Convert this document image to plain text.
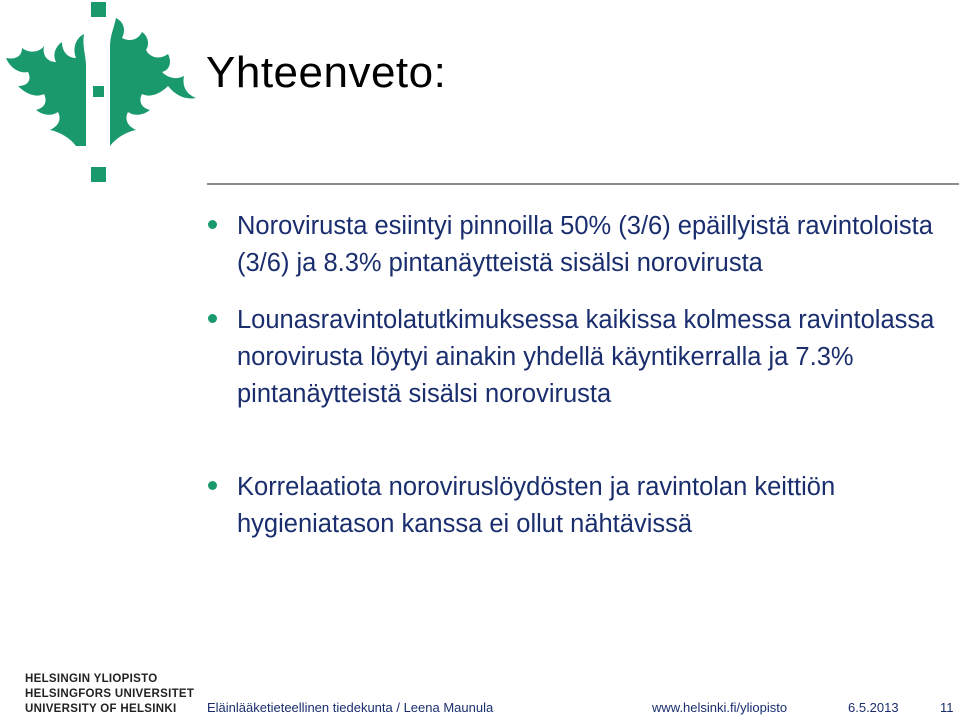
Yhteenveto:
Norovirusta esiintyi pinnoilla 50% (3/6) epäillyistä ravintoloista (3/6) ja 8.3% pintanäytteistä sisälsi norovirusta
Lounasravintolatutkimuksessa kaikissa kolmessa ravintolassa norovirusta löytyi ainakin yhdellä käyntikerralla ja 7.3% pintanäytteistä sisälsi norovirusta
Korrelaatiota noroviruslöydösten ja ravintolan keittiön hygieniatason kanssa ei ollut nähtävissä
HELSINGIN YLIOPISTO
HELSINGFORS UNIVERSITET
UNIVERSITY OF HELSINKI	Eläinlääketieteellinen tiedekunta / Leena Maunula	www.helsinki.fi/yliopisto	6.5.2013	11
